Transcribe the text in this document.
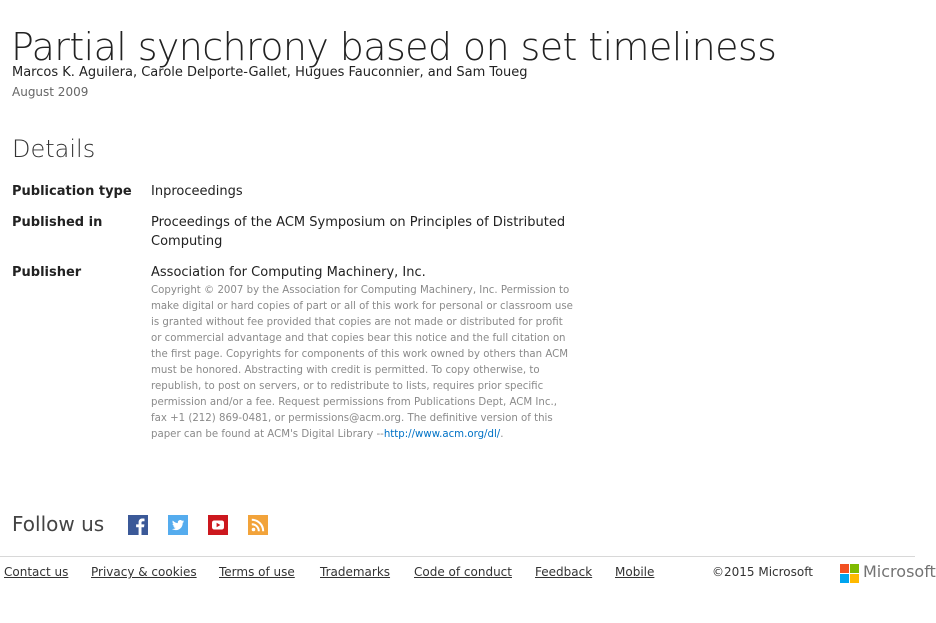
Partial synchrony based on set timeliness
Marcos K. Aguilera, Carole Delporte-Gallet, Hugues Fauconnier, and Sam Toueg
August 2009
Details
Publication type Inproceedings
Published in	Proceedings of the ACM Symposium on Principles of Distributed Computing
Publisher	Association for Computing Machinery, Inc.
Copyright © 2007 by the Association for Computing Machinery, Inc. Permission to make digital or hard copies of part or all of this work for personal or classroom use is granted without fee provided that copies are not made or distributed for profit or commercial advantage and that copies bear this notice and the full citation on the first page. Copyrights for components of this work owned by others than ACM must be honored. Abstracting with credit is permitted. To copy otherwise, to republish, to post on servers, or to redistribute to lists, requires prior specific permission and/or a fee. Request permissions from Publications Dept, ACM Inc., fax +1 (212) 869-0481, or permissions@acm.org. The definitive version of this paper can be found at ACM's Digital Library --http://www.acm.org/dl/.
Follow us
Contact us Privacy & cookies Terms of use Trademarks Code of conduct Feedback Mobile	©2015 Microsoft	Microsoft
